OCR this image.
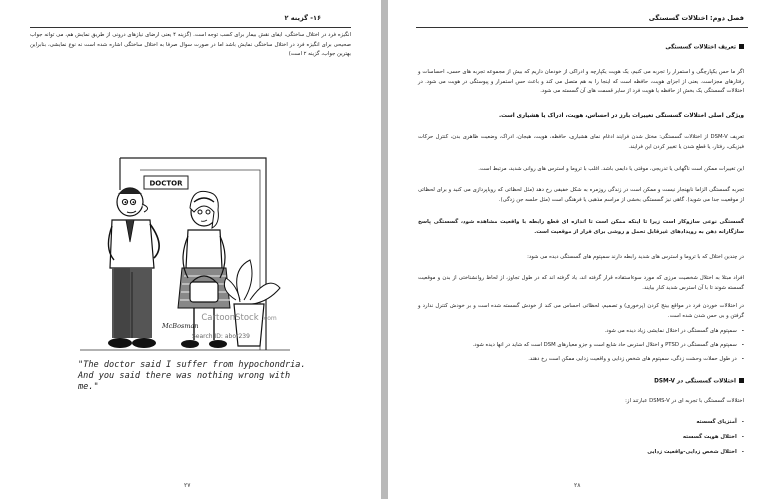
۱۶- گزینه ۲
انگیزه فرد در اختلال ساختگی، ایفای نقش بیمار برای کسب توجه است. (گزینه ۴ یعنی ارضای نیازهای درونی از طریق نمایش هم، می توانه جواب صحیحی برای انگیزه فرد در اختلال ساختگی نمایش باشد اما در صورت سوال صرفا به اختلال ساختگی اشاره شده است نه نوع نمایشی، بنابراین بهترین جواب، گزینه ۲ است)
DOCTOR
CartoonStock .com
McBosman
Search ID: abor239
"The doctor said I suffer from hypochondria.
And you said there was nothing wrong with me."
۲۷
فصل دوم: اختلالات گسستگی
تعریف اختلالات گسستگی
اگر ما حس یکپارچگی و استمرار را تجربه می کنیم، یک هویت یکپارچه و ادراکی از خودمان داریم که بیش از مجموعه تجربه های حسی، احساسات و رفتارهای مجزاست. یعنی از اجزای هویت، حافظه است که اینجا را به هم متصل می کند و باعث حس استمرار و پیوستگی در هویت می شود. در اختلالات گسستگی یک بخش از حافظه یا هویت فرد از سایر قسمت های آن گسسته می شود.
ویژگی اصلی اختلالات گسستگی تغییرات بارز در احساس، هویت، ادراک یا هشیاری است.
تعریف DSM-V از اختلالات گسستگی: مختل شدن فرایند ادغام نمای هشیاری، حافظه، هویت، هیجان، ادراک، وضعیت ظاهری بدن، کنترل حرکات فیزیکی، رفتار، یا قطع شدن یا تغییر کردن این فرایند.
این تغییرات ممکن است ناگهانی یا تدریجی، موقتی یا دایمی باشد. اغلب با تروما و استرس های روانی شدید، مرتبط است.
تجربه گسستگی الزاما نابهنجار نیست و ممکن است در زندگی روزمره به شکل خفیفی رخ دهد (مثل لحظاتی که رویاپردازی می کنید و برای لحظاتی از موقعیت جدا می شوید). گاهی نیز گسستگی بخشی از مراسم مذهبی یا فرهنگی است (مثل حلسه جن زدگی).
گسستگی نوعی سازوکار است زیرا تا اینکه ممکن است تا اندازه ای قطع رابطه با واقعیت مشاهده شود، گسستگی پاسخ سازگارانه ذهن به رویدادهای غیرقابل تحمل و روشی برای فرار از موقعیت است.
در چندین اختلال که با تروما و استرس های شدید رابطه دارند سمپتوم های گسستگی دیده می شود:
افراد مبتلا به اختلال شخصیت مرزی که مورد سوءاستفاده قرار گرفته اند، یاد گرفته اند که در طول تجاوز، از لحاظ روانشناختی از بدن و موقعیت گسسته شوند تا با آن استرس شدید کنار بیایند.
در اختلالات خوردن فرد در مواقع بینج کردن (پرخوری) و تصمیم، لحظاتی احساس می کند از خودش گسسته شده است و بر خودش کنترل ندارد و گرفتن و بی حس شدن شده است.
-سمپتوم های گسستگی در اختلال نمایشی زیاد دیده می شود.
-سمپتوم های گسستگی در PTSD و اختلال استرس حاد شایع است و جزو معیارهای DSM است که شاید در انها دیده شود.
-در طول حملات وحشت زدگی، سمپتوم های شخص زدایی و واقعیت زدایی ممکن است رخ دهند.
اختلالات گسستگی در DSM-V
اختلالات گسستگی با تجربه ای در DSMS-V عبارتند از:
-آمنزیای گسسته
-اختلال هویت گسسته
-اختلال شخص زدایی-واقعیت زدایی
۲۸
